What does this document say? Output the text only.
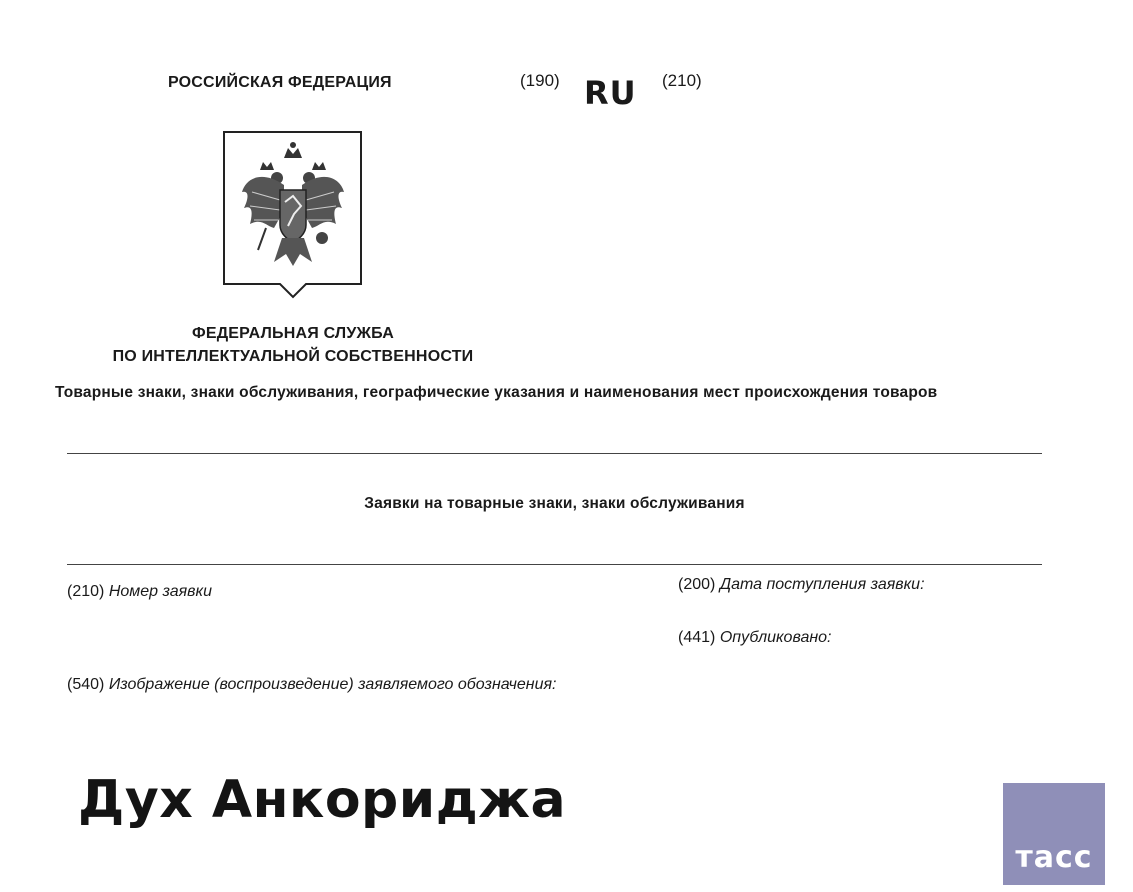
РОССИЙСКАЯ ФЕДЕРАЦИЯ	(190) RU (210)
ФЕДЕРАЛЬНАЯ СЛУЖБА
ПО ИНТЕЛЛЕКТУАЛЬНОЙ СОБСТВЕННОСТИ
Товарные знаки, знаки обслуживания, географические указания и наименования мест происхождения товаров
Заявки на товарные знаки, знаки обслуживания
(210) Номер заявки	(200) Дата поступления заявки:
(441) Опубликовано:
(540) Изображение (воспроизведение) заявляемого обозначения:
Дух Анкориджа
тасс
